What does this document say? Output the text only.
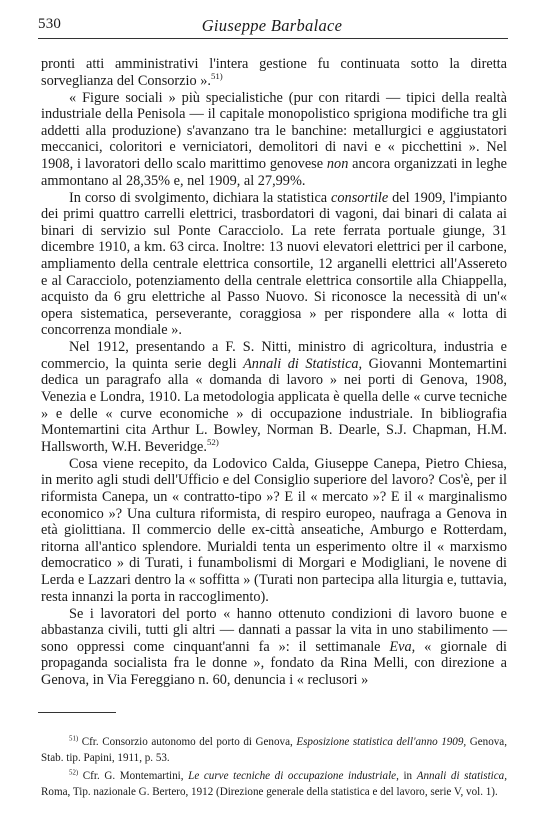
530	Giuseppe Barbalace

pronti atti amministrativi l'intera gestione fu continuata sotto la diretta sorveglianza del Consorzio ».$^{51)}$

« Figure sociali » più specialistiche (pur con ritardi — tipici della realtà industriale della Penisola — il capitale monopolistico sprigiona modifiche tra gli addetti alla produzione) s'avanzano tra le banchine: metallurgici e aggiustatori meccanici, coloritori e verniciatori, demolitori di navi e « picchettini ». Nel 1908, i lavoratori dello scalo marittimo genovese non ancora organizzati in leghe ammontano al 28,35% e, nel 1909, al 27,99%.

In corso di svolgimento, dichiara la statistica consortile del 1909, l'impianto dei primi quattro carrelli elettrici, trasbordatori di vagoni, dai binari di calata ai binari di servizio sul Ponte Caracciolo. La rete ferrata portuale giunge, 31 dicembre 1910, a km. 63 circa. Inoltre: 13 nuovi elevatori elettrici per il carbone, ampliamento della centrale elettrica consortile, 12 arganelli elettrici all'Assereto e al Caracciolo, potenziamento della centrale elettrica consortile alla Chiappella, acquisto da 6 gru elettriche al Passo Nuovo. Si riconosce la necessità di un'« opera sistematica, perseverante, coraggiosa » per rispondere alla « lotta di concorrenza mondiale ».

Nel 1912, presentando a F. S. Nitti, ministro di agricoltura, industria e commercio, la quinta serie degli Annali di Statistica, Giovanni Montemartini dedica un paragrafo alla « domanda di lavoro » nei porti di Genova, 1908, Venezia e Londra, 1910. La metodologia applicata è quella delle « curve tecniche » e delle « curve economiche » di occupazione industriale. In bibliografia Montemartini cita Arthur L. Bowley, Norman B. Dearle, S.J. Chapman, H.M. Hallsworth, W.H. Beveridge.$^{52)}$

Cosa viene recepito, da Lodovico Calda, Giuseppe Canepa, Pietro Chiesa, in merito agli studi dell'Ufficio e del Consiglio superiore del lavoro? Cos'è, per il riformista Canepa, un « contratto-tipo »? E il « mercato »? E il « marginalismo economico »? Una cultura riformista, di respiro europeo, naufraga a Genova in età giolittiana. Il commercio delle ex-città anseatiche, Amburgo e Rotterdam, ritorna all'antico splendore. Murialdi tenta un esperimento oltre il « marxismo democratico » di Turati, i funambolismi di Morgari e Modigliani, le novene di Lerda e Lazzari dentro la « soffitta » (Turati non partecipa alla liturgia e, tuttavia, resta innanzi la porta in raccoglimento).

Se i lavoratori del porto « hanno ottenuto condizioni di lavoro buone e abbastanza civili, tutti gli altri — dannati a passar la vita in uno stabilimento — sono oppressi come cinquant'anni fa »: il settimanale Eva, « giornale di propaganda socialista fra le donne », fondato da Rina Melli, con direzione a Genova, in Via Fereggiano n. 60, denuncia i « reclusori »

$^{51)}$ Cfr. Consorzio autonomo del porto di Genova, Esposizione statistica dell'anno 1909, Genova, Stab. tip. Papini, 1911, p. 53.

$^{52)}$ Cfr. G. Montemartini, Le curve tecniche di occupazione industriale, in Annali di statistica, Roma, Tip. nazionale G. Bertero, 1912 (Direzione generale della statistica e del lavoro, serie V, vol. 1).
